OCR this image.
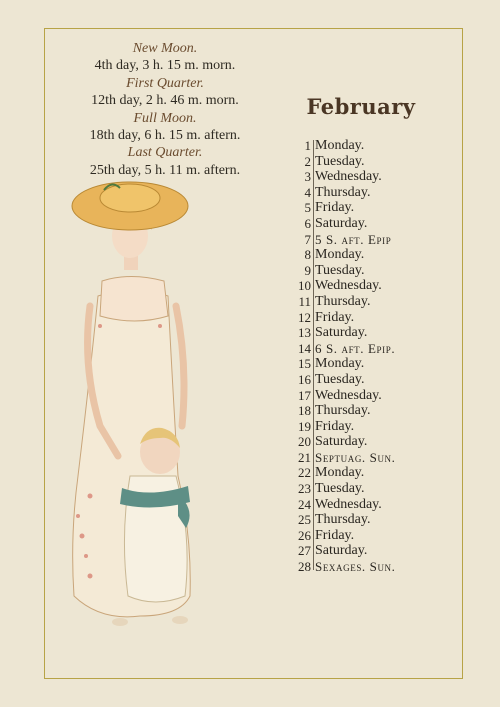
New Moon.
4th day, 3 h. 15 m. morn.
First Quarter.
12th day, 2 h. 46 m. morn.
Full Moon.
18th day, 6 h. 15 m. aftern.
Last Quarter.
25th day, 5 h. 11 m. aftern.
February
1 Monday.
2 Tuesday.
3 Wednesday.
4 Thursday.
5 Friday.
6 Saturday.
7 5 S. aft. Epip
8 Monday.
9 Tuesday.
10 Wednesday.
11 Thursday.
12 Friday.
13 Saturday.
14 6 S. aft. Epip.
15 Monday.
16 Tuesday.
17 Wednesday.
18 Thursday.
19 Friday.
20 Saturday.
21 Septuag. Sun.
22 Monday.
23 Tuesday.
24 Wednesday.
25 Thursday.
26 Friday.
27 Saturday.
28 Sexages. Sun.
